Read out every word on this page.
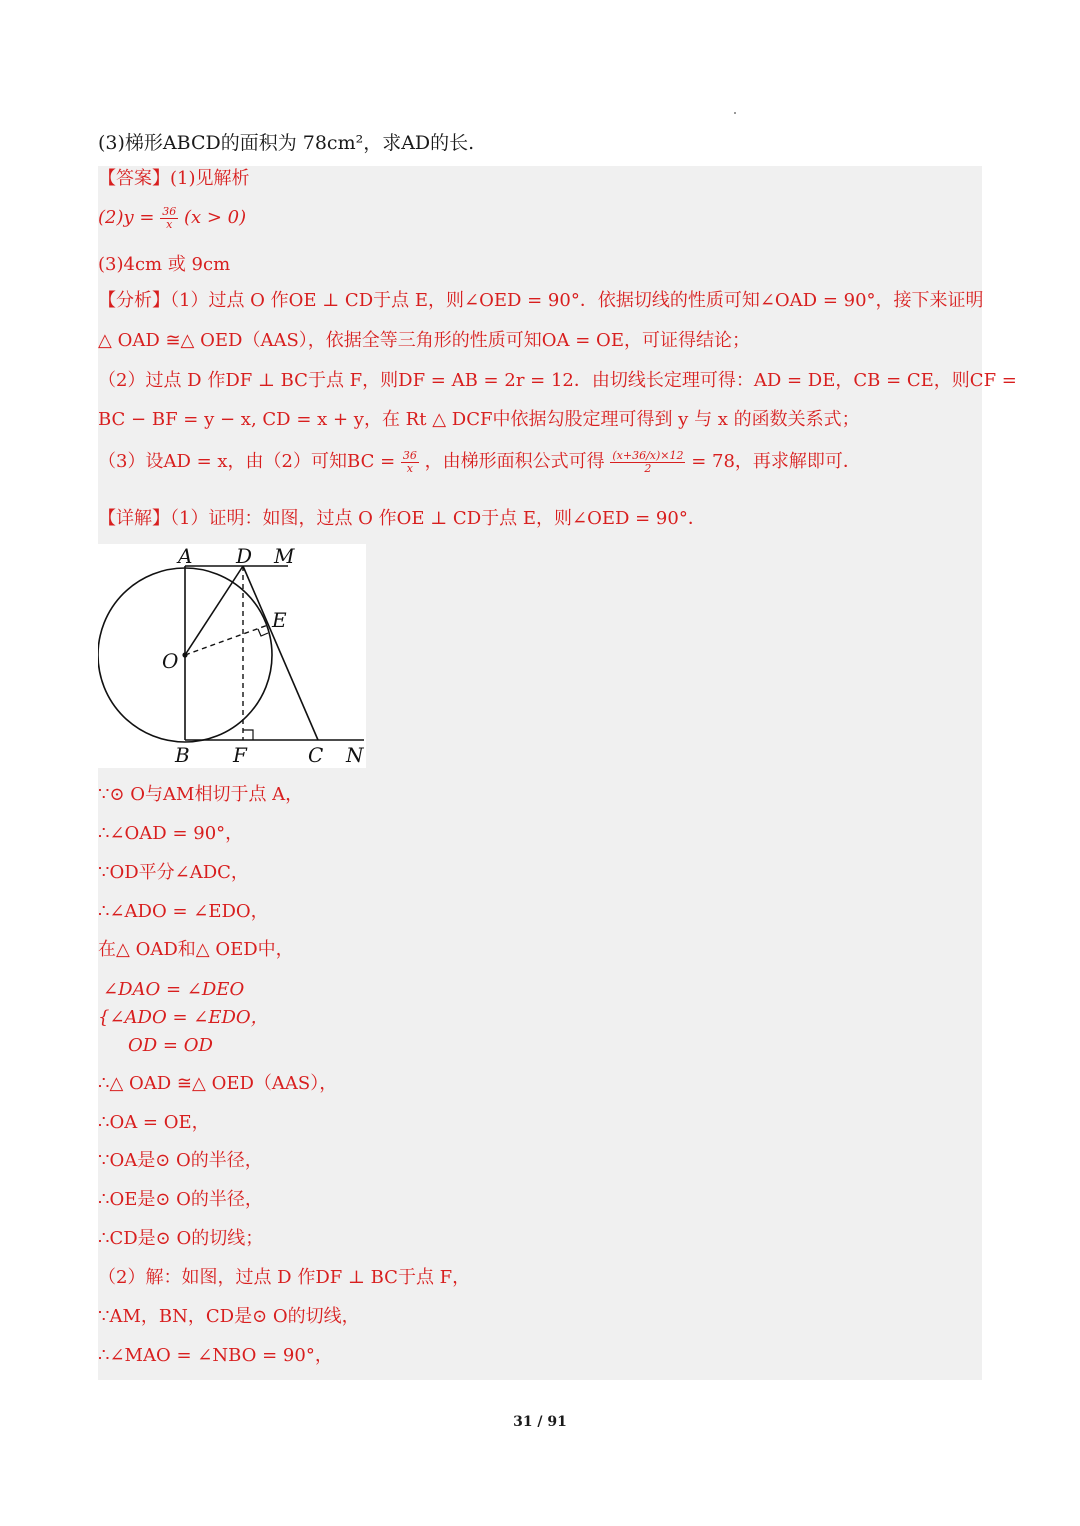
(3)梯形ABCD的面积为 78cm²，求AD的长.
【答案】(1)见解析
$(2)y = \frac{36}{x} (x > 0)$
(3)4cm 或 9cm
【分析】（1）过点 O 作OE ⊥ CD于点 E，则∠OED = 90°．依据切线的性质可知∠OAD = 90°，接下来证明
△ OAD ≅△ OED（AAS），依据全等三角形的性质可知OA = OE，可证得结论；
（2）过点 D 作DF ⊥ BC于点 F，则DF = AB = 2r = 12．由切线长定理可得：AD = DE，CB = CE，则CF =
BC − BF = y − x, CD = x + y，在 Rt △ DCF中依据勾股定理可得到 y 与 x 的函数关系式；
（3）设AD = x，由（2）可知BC = $\frac{36}{x}$ ，由梯形面积公式可得 $\frac{(x+36/x)\times 12}{2} = 78$，再求解即可．
【详解】（1）证明：如图，过点 O 作OE ⊥ CD于点 E，则∠OED = 90°．
A D M
E
O
B F	C N
∵⊙ O与AM相切于点 A，
∴∠OAD = 90°，
∵OD平分∠ADC，
∴∠ADO = ∠EDO，
在△ OAD和△ OED中，
∠DAO = ∠DEO
{∠ADO = ∠EDO，
OD = OD
∴△ OAD ≅△ OED（AAS），
∴OA = OE，
∵OA是⊙ O的半径，
∴OE是⊙ O的半径，
∴CD是⊙ O的切线；
（2）解：如图，过点 D 作DF ⊥ BC于点 F，
∵AM，BN，CD是⊙ O的切线，
∴∠MAO = ∠NBO = 90°，
31 / 91
